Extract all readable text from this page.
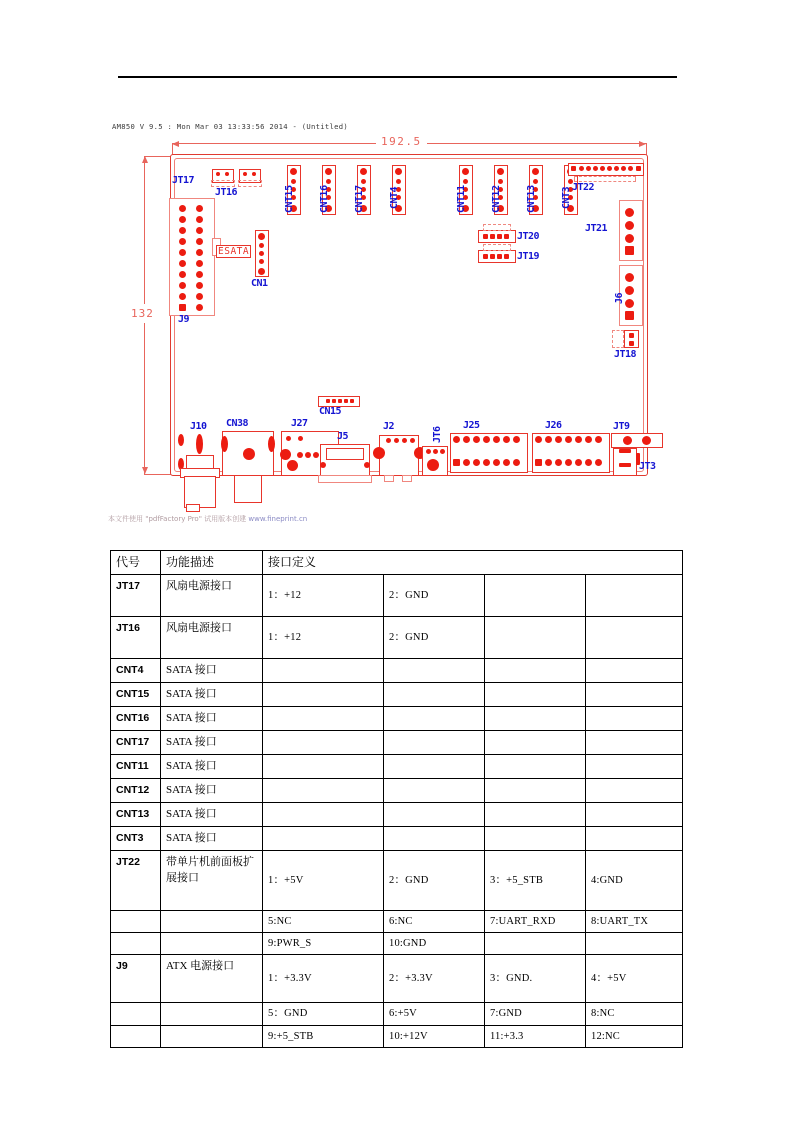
AM850 V 9.5 : Mon Mar 03 13:33:56 2014 - (Untitled)
192.5
132
JT17
JT16
J9
ESATA
CN1
CNT15 CNT16 CNT17 CNT4	CNT11 CNT12 CNT13 CNT3 JT22
JT21
J6
JT18
JT20
JT19
J10 CN38	J27
CN15
J5
J2	JT6
J25	J26	JT9
JT3
本文件使用 "pdfFactory Pro" 试用版本创建 www.fineprint.cn
代号	功能描述	接口定义			
JT17	风扇电源接口	1：+12	2：GND		
JT16	风扇电源接口	1：+12	2：GND		
CNT4	SATA 接口				
CNT15	SATA 接口				
CNT16	SATA 接口				
CNT17	SATA 接口				
CNT11	SATA 接口				
CNT12	SATA 接口				
CNT13	SATA 接口				
CNT3	SATA 接口				
JT22	带单片机前面板扩展接口	1：+5V	2：GND	3：+5_STB	4:GND
		5:NC	6:NC	7:UART_RXD	8:UART_TX
		9:PWR_S	10:GND		
J9	ATX 电源接口	1：+3.3V	2：+3.3V	3：GND.	4：+5V
		5：GND	6:+5V	7:GND	8:NC
		9:+5_STB	10:+12V	11:+3.3	12:NC
